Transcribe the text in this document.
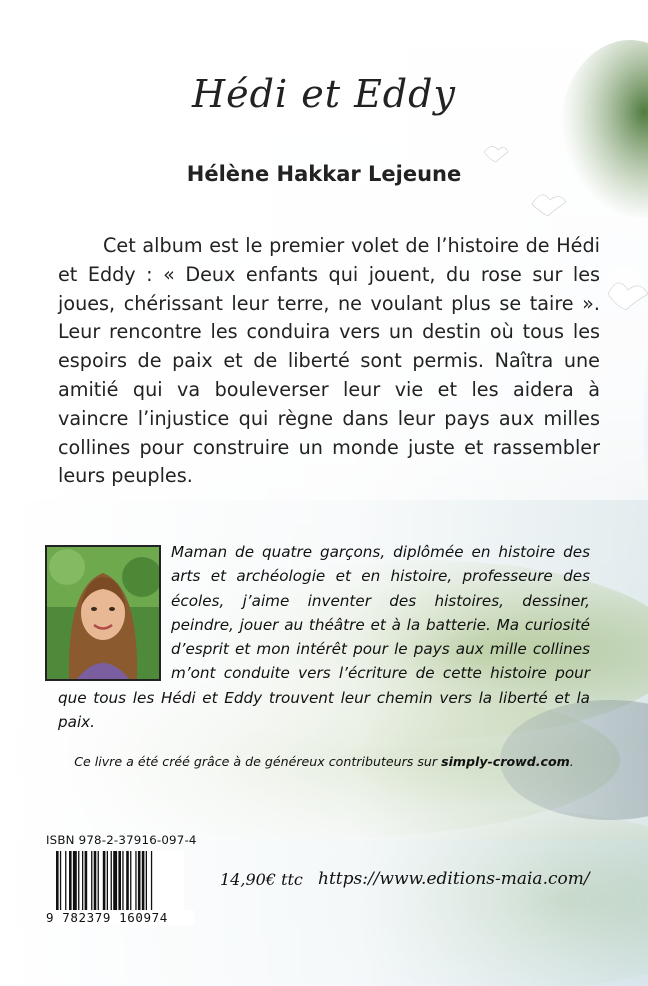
Hédi et Eddy
Hélène Hakkar Lejeune

Cet album est le premier volet de l’histoire de Hédi et Eddy : « Deux enfants qui jouent, du rose sur les joues, chérissant leur terre, ne voulant plus se taire ». Leur rencontre les conduira vers un destin où tous les espoirs de paix et de liberté sont permis. Naîtra une amitié qui va bouleverser leur vie et les aidera à vaincre l’injustice qui règne dans leur pays aux milles collines pour construire un monde juste et rassembler leurs peuples.

Maman de quatre garçons, diplômée en histoire des arts et archéologie et en histoire, professeure des écoles, j’aime inventer des histoires, dessiner, peindre, jouer au théâtre et à la batterie. Ma curiosité d’esprit et mon intérêt pour le pays aux mille collines m’ont conduite vers l’écriture de cette histoire pour que tous les Hédi et Eddy trouvent leur chemin vers la liberté et la paix.

Ce livre a été créé grâce à de généreux contributeurs sur simply-crowd.com.
ISBN 978-2-37916-097-4
9 782379 160974
14,90€ ttc https://www.editions-maia.com/
